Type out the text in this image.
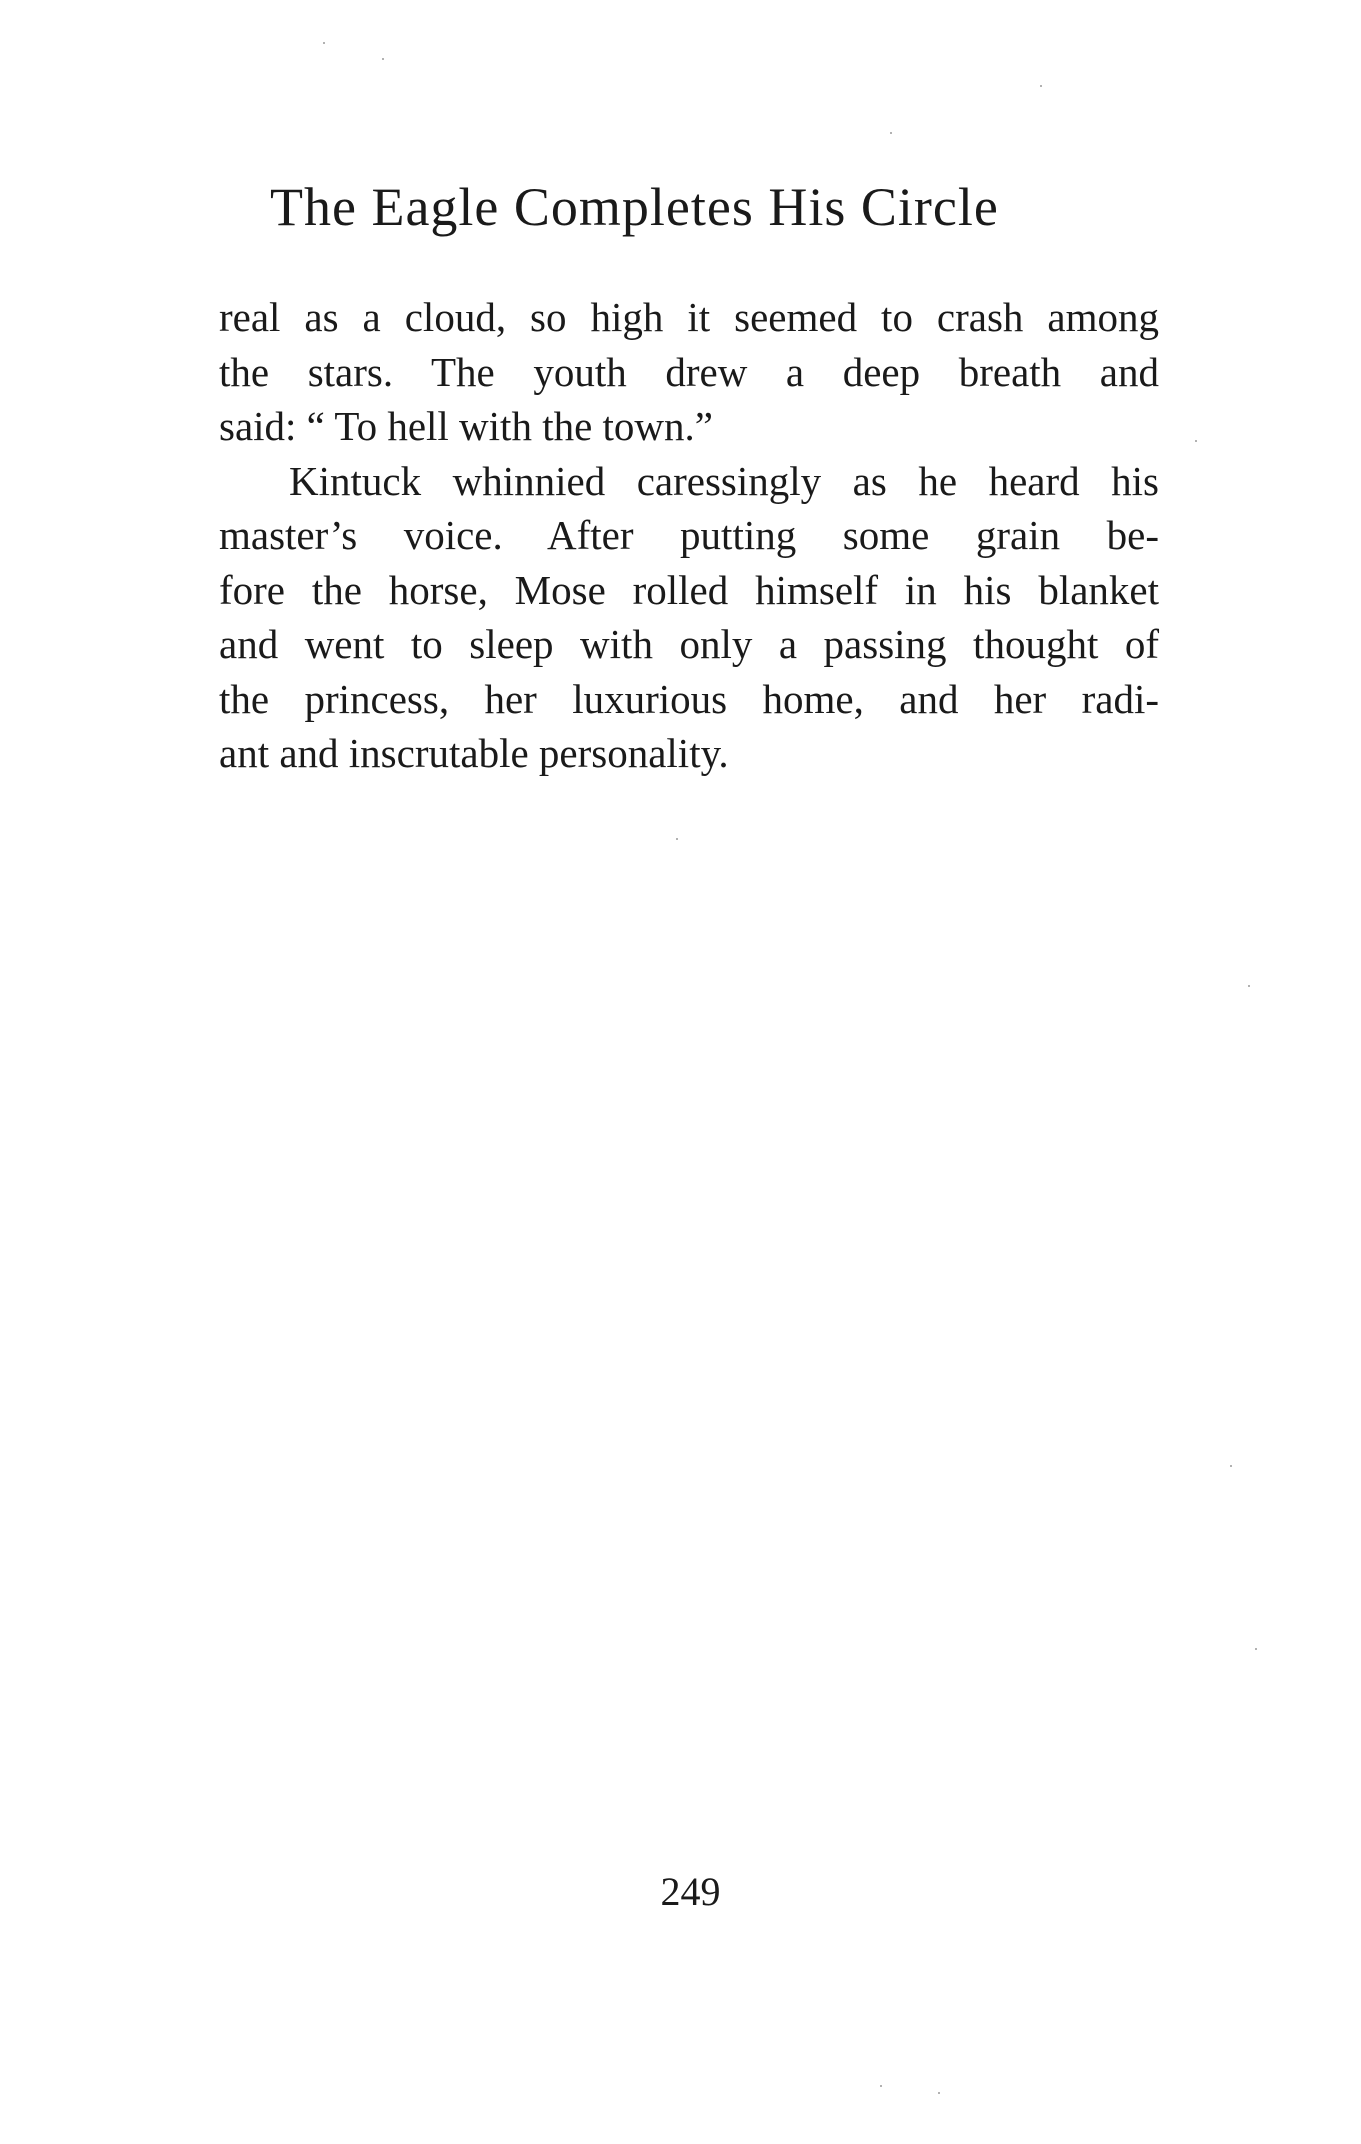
The Eagle Completes His Circle

real as a cloud, so high it seemed to crash among
the stars. The youth drew a deep breath and
said: “ To hell with the town.”

Kintuck whinnied caressingly as he heard his
master’s voice. After putting some grain be-
fore the horse, Mose rolled himself in his blanket
and went to sleep with only a passing thought of
the princess, her luxurious home, and her radi-
ant and inscrutable personality.

249
